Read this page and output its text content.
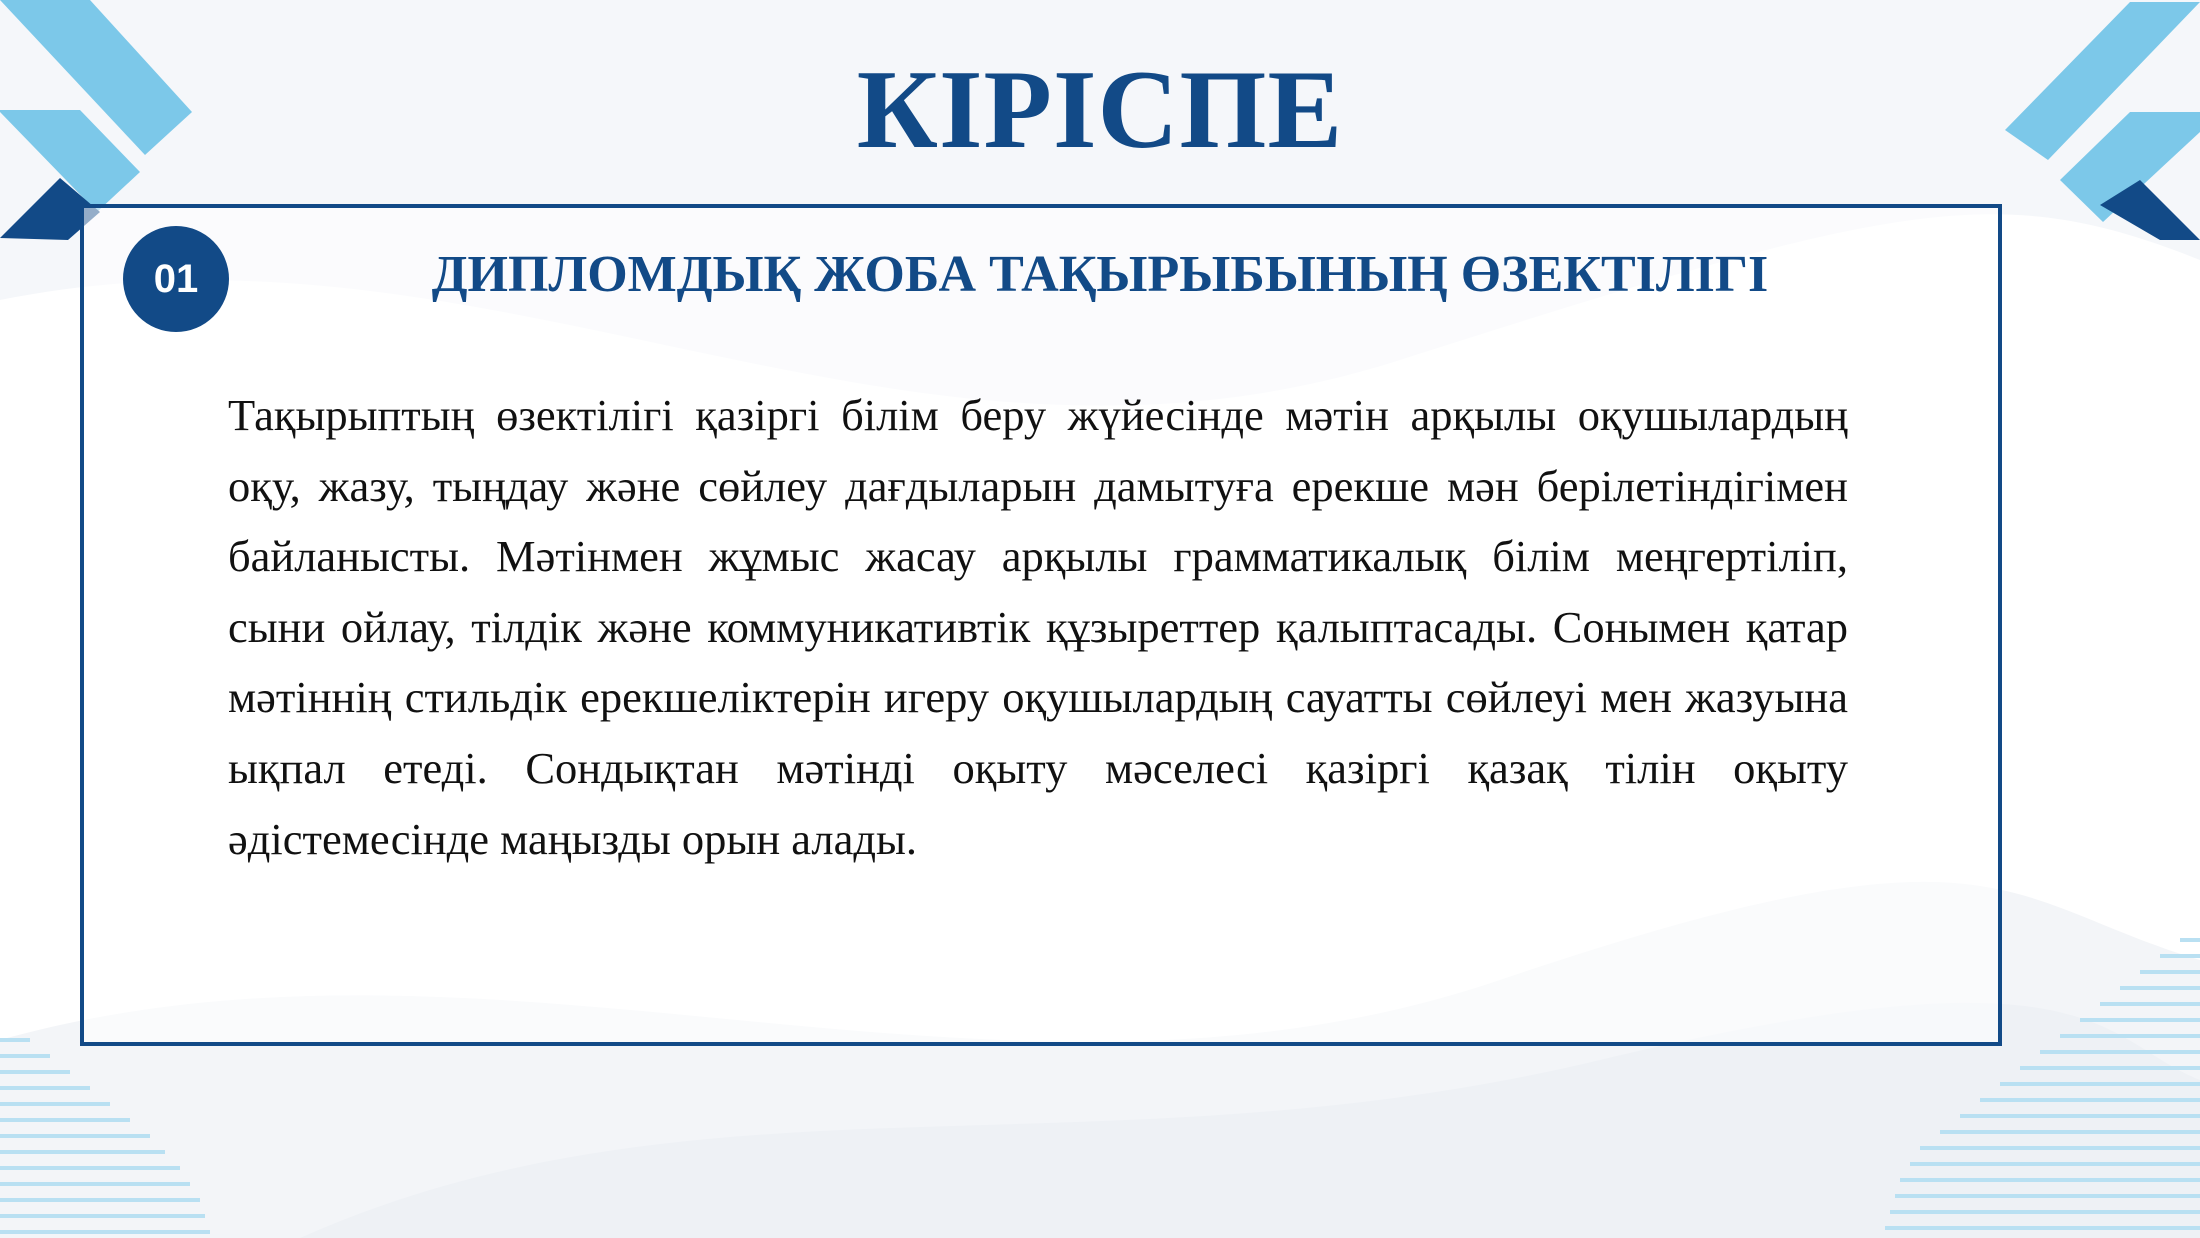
КІРІСПЕ
01	ДИПЛОМДЫҚ ЖОБА ТАҚЫРЫБЫНЫҢ ӨЗЕКТІЛІГІ

Тақырыптың өзектілігі қазіргі білім беру жүйесінде мәтін арқылы оқушылардың оқу, жазу, тыңдау және сөйлеу дағдыларын дамытуға ерекше мән берілетіндігімен байланысты. Мәтінмен жұмыс жасау арқылы грамматикалық білім меңгертіліп, сыни ойлау, тілдік және коммуникативтік құзыреттер қалыптасады. Сонымен қатар мәтіннің стильдік ерекшеліктерін игеру оқушылардың сауатты сөйлеуі мен жазуына ықпал етеді. Сондықтан мәтінді оқыту мәселесі қазіргі қазақ тілін оқыту әдістемесінде маңызды орын алады.
